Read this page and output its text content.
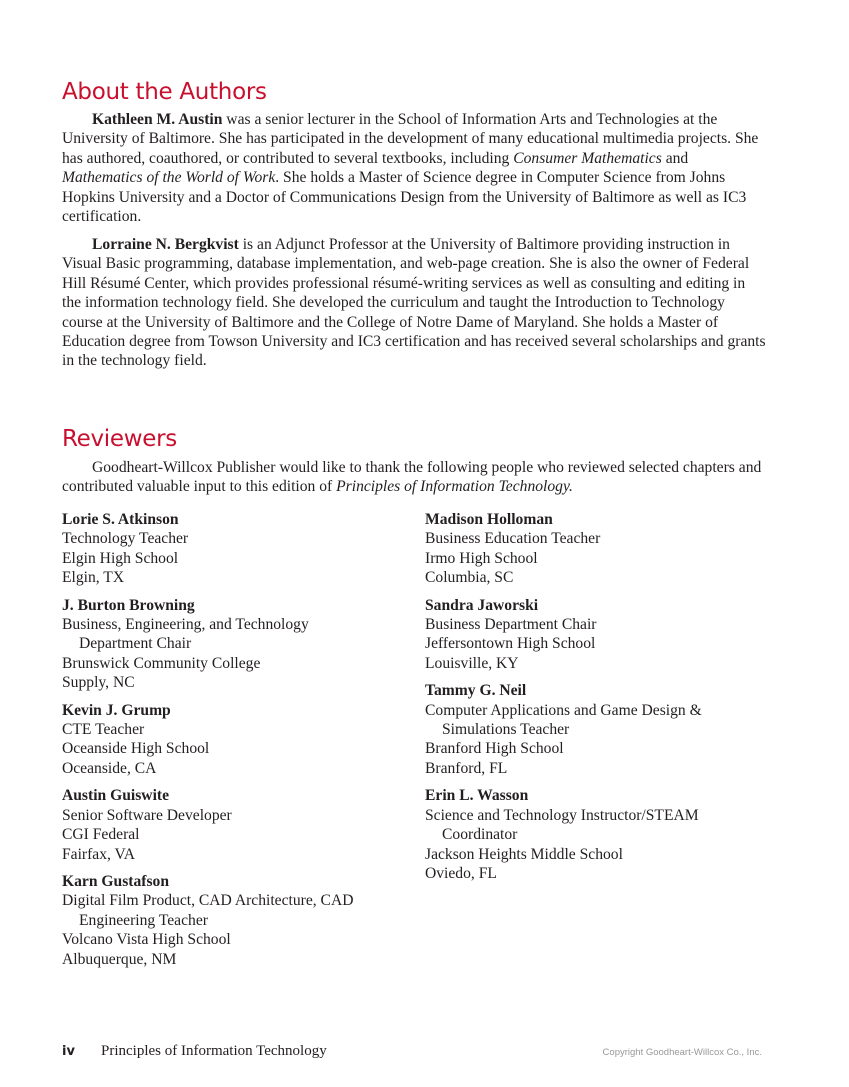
About the Authors

Kathleen M. Austin was a senior lecturer in the School of Information Arts and Technologies at the University of Baltimore. She has participated in the development of many educational multimedia projects. She has authored, coauthored, or contributed to several textbooks, including Consumer Mathematics and Mathematics of the World of Work. She holds a Master of Science degree in Computer Science from Johns Hopkins University and a Doctor of Communications Design from the University of Baltimore as well as IC3 certification.

Lorraine N. Bergkvist is an Adjunct Professor at the University of Baltimore providing instruction in Visual Basic programming, database implementation, and web-page creation. She is also the owner of Federal Hill Résumé Center, which provides professional résumé-writing services as well as consulting and editing in the information technology field. She developed the curriculum and taught the Introduction to Technology course at the University of Baltimore and the College of Notre Dame of Maryland. She holds a Master of Education degree from Towson University and IC3 certification and has received several scholarships and grants in the technology field.

Reviewers

Goodheart-Willcox Publisher would like to thank the following people who reviewed selected chapters and contributed valuable input to this edition of Principles of Information Technology.

Lorie S. Atkinson
Technology Teacher
Elgin High School
Elgin, TX
J. Burton Browning
Business, Engineering, and Technology
Department Chair
Brunswick Community College
Supply, NC
Kevin J. Grump
CTE Teacher
Oceanside High School
Oceanside, CA
Austin Guiswite
Senior Software Developer
CGI Federal
Fairfax, VA
Karn Gustafson
Digital Film Product, CAD Architecture, CAD
Engineering Teacher
Volcano Vista High School
Albuquerque, NM
Madison Holloman
Business Education Teacher
Irmo High School
Columbia, SC
Sandra Jaworski
Business Department Chair
Jeffersontown High School
Louisville, KY
Tammy G. Neil
Computer Applications and Game Design &
Simulations Teacher
Branford High School
Branford, FL
Erin L. Wasson
Science and Technology Instructor/STEAM
Coordinator
Jackson Heights Middle School
Oviedo, FL
iv Principles of Information Technology	Copyright Goodheart-Willcox Co., Inc.
